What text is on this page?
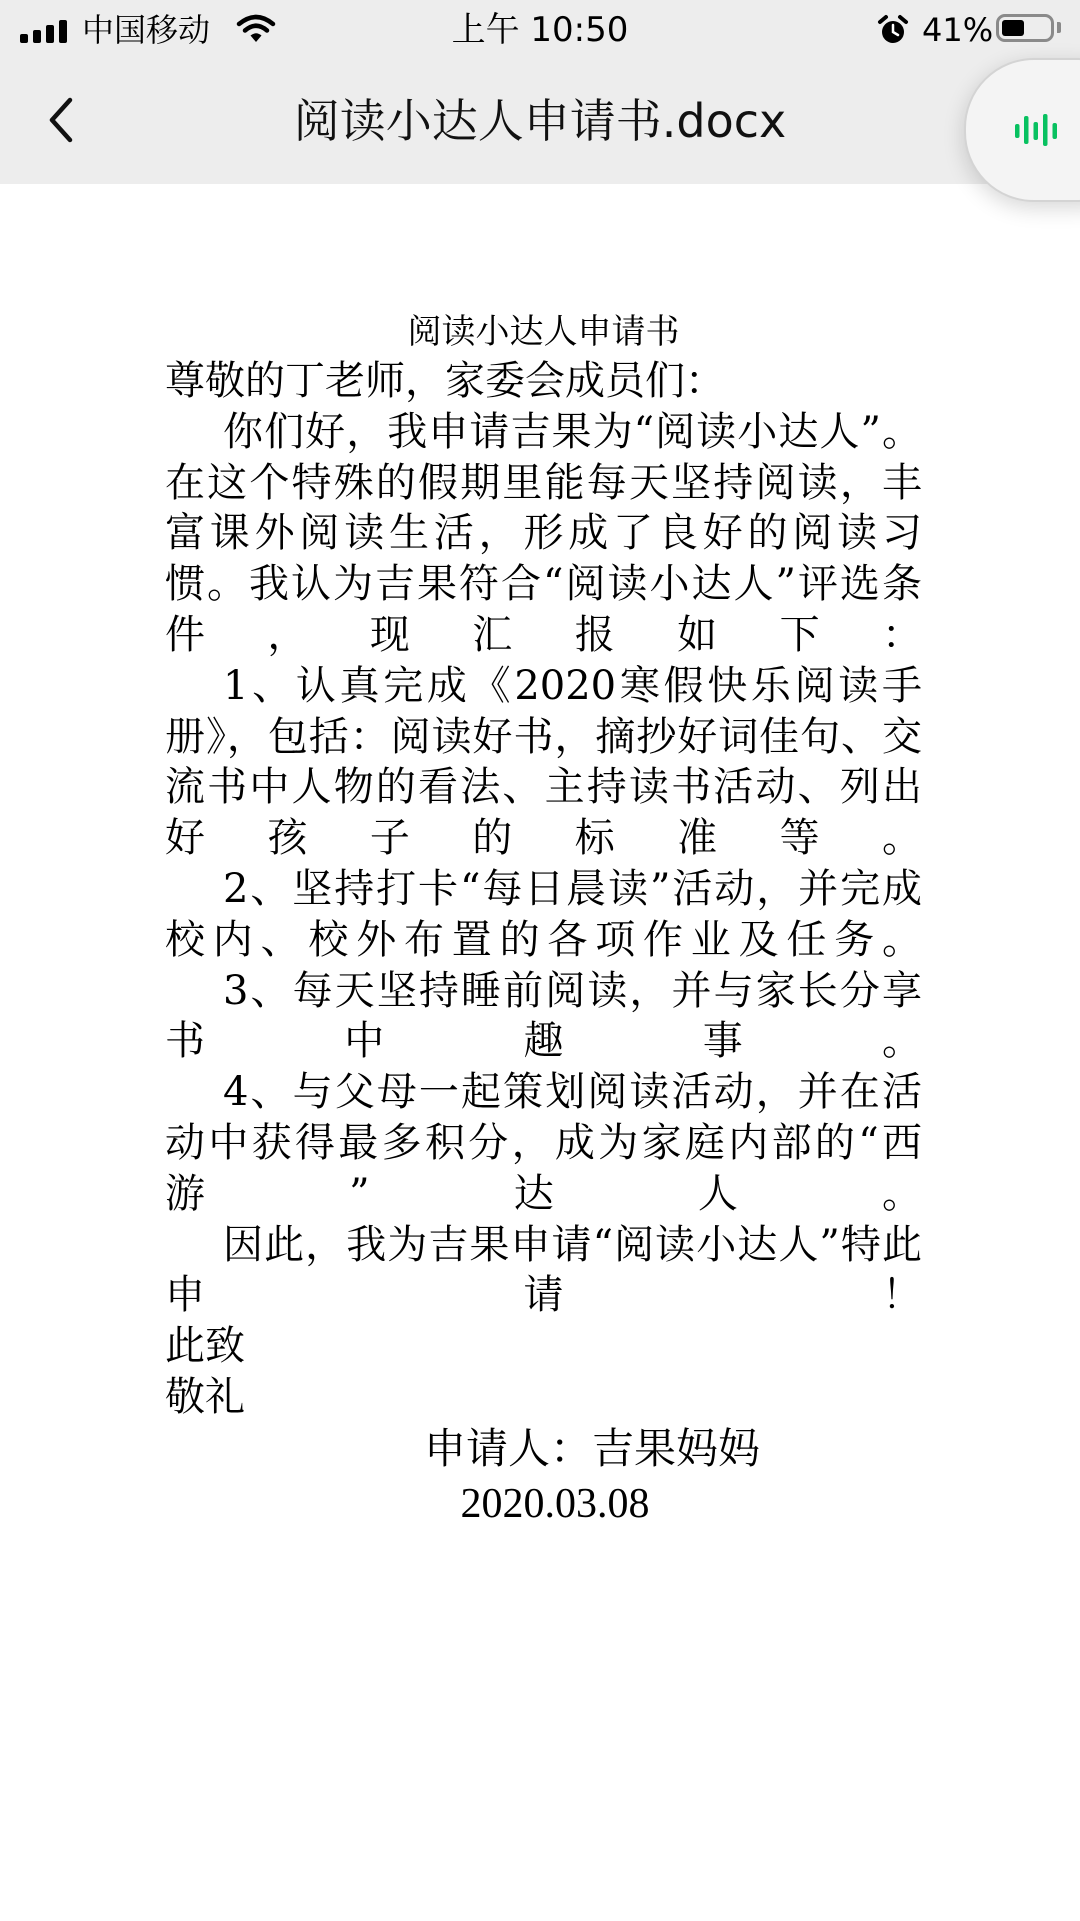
中国移动	上午 10:50	41%
阅读小达人申请书.docx
阅读小达人申请书

尊敬的丁老师，家委会成员们：

你们好，我申请吉果为“阅读小达人”。在这个特殊的假期里能每天坚持阅读，丰富课外阅读生活，形成了良好的阅读习惯。我认为吉果符合“阅读小达人”评选条件，现汇报如下：

1、认真完成《2020寒假快乐阅读手册》，包括：阅读好书，摘抄好词佳句、交流书中人物的看法、主持读书活动、列出好孩子的标准等。

2、坚持打卡“每日晨读”活动，并完成校内、校外布置的各项作业及任务。

3、每天坚持睡前阅读，并与家长分享书中趣事。

4、与父母一起策划阅读活动，并在活动中获得最多积分，成为家庭内部的“西游”达人。

因此，我为吉果申请“阅读小达人”特此申请！

此致

敬礼

申请人：吉果妈妈
2020.03.08
